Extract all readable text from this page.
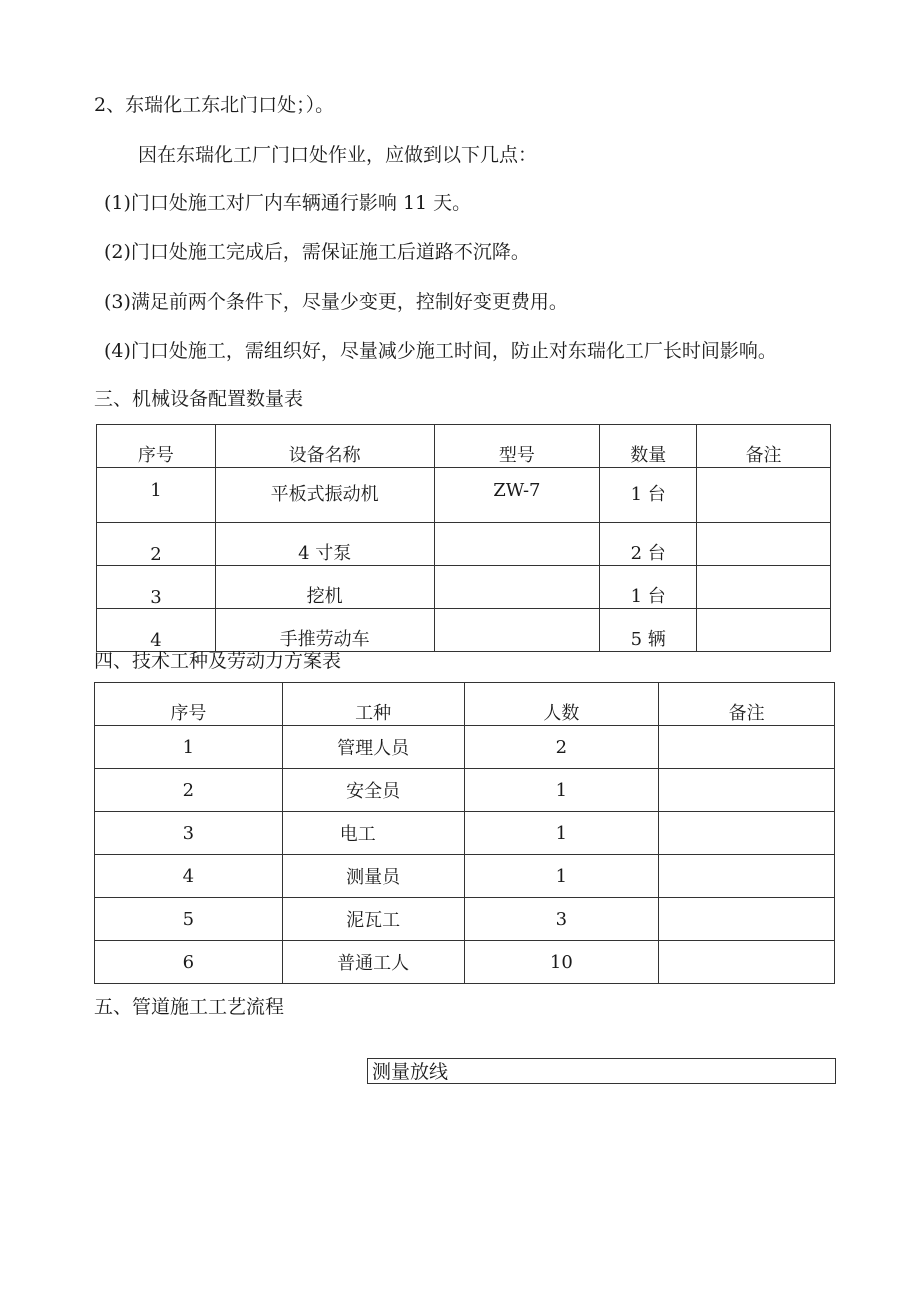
2、东瑞化工东北门口处；）。
因在东瑞化工厂门口处作业，应做到以下几点：
(1)门口处施工对厂内车辆通行影响 11 天。
(2)门口处施工完成后，需保证施工后道路不沉降。
(3)满足前两个条件下，尽量少变更，控制好变更费用。
(4)门口处施工，需组织好，尽量减少施工时间，防止对东瑞化工厂长时间影响。
三、机械设备配置数量表
序号	设备名称	型号	数量	备注
1	平板式振动机	ZW-7	1 台	
2	4 寸泵		2 台	
3	挖机		1 台	
4	手推劳动车		5 辆	
四、技术工种及劳动力方案表
序号	工种	人数	备注
1	管理人员	2	
2	安全员	1	
3	电工	1	
4	测量员	1	
5	泥瓦工	3	
6	普通工人	10	
五、管道施工工艺流程
测量放线
